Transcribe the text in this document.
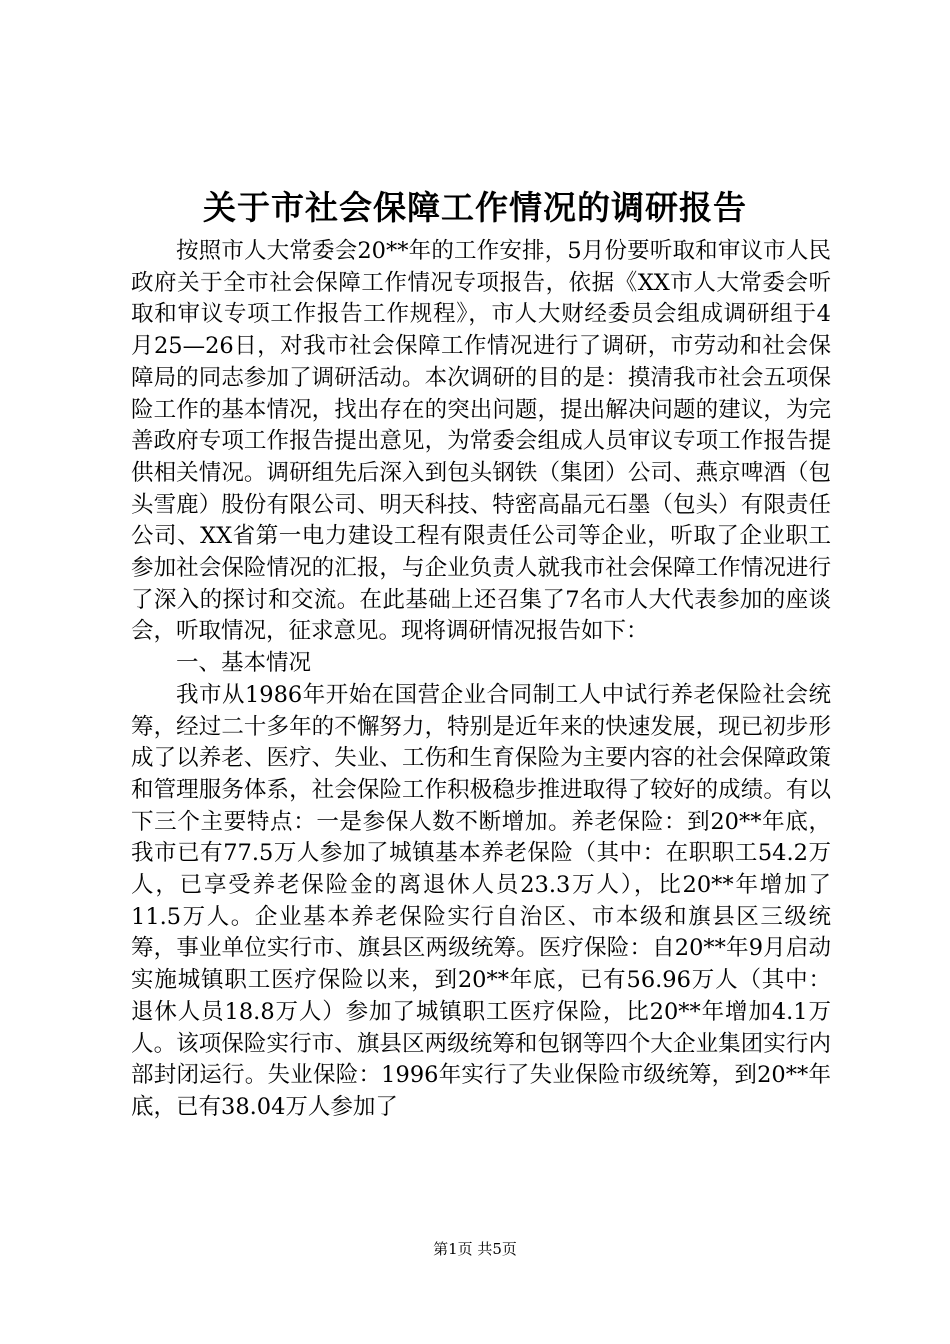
关于市社会保障工作情况的调研报告

按照市人大常委会20**年的工作安排，5月份要听取和审议市人民政府关于全市社会保障工作情况专项报告，依据《XX市人大常委会听取和审议专项工作报告工作规程》，市人大财经委员会组成调研组于4月25—26日，对我市社会保障工作情况进行了调研，市劳动和社会保障局的同志参加了调研活动。本次调研的目的是：摸清我市社会五项保险工作的基本情况，找出存在的突出问题，提出解决问题的建议，为完善政府专项工作报告提出意见，为常委会组成人员审议专项工作报告提供相关情况。调研组先后深入到包头钢铁（集团）公司、燕京啤酒（包头雪鹿）股份有限公司、明天科技、特密高晶元石墨（包头）有限责任公司、XX省第一电力建设工程有限责任公司等企业，听取了企业职工参加社会保险情况的汇报，与企业负责人就我市社会保障工作情况进行了深入的探讨和交流。在此基础上还召集了7名市人大代表参加的座谈会，听取情况，征求意见。现将调研情况报告如下：

一、基本情况

我市从1986年开始在国营企业合同制工人中试行养老保险社会统筹，经过二十多年的不懈努力，特别是近年来的快速发展，现已初步形成了以养老、医疗、失业、工伤和生育保险为主要内容的社会保障政策和管理服务体系，社会保险工作积极稳步推进取得了较好的成绩。有以下三个主要特点：一是参保人数不断增加。养老保险：到20**年底，我市已有77.5万人参加了城镇基本养老保险（其中：在职职工54.2万人，已享受养老保险金的离退休人员23.3万人），比20**年增加了11.5万人。企业基本养老保险实行自治区、市本级和旗县区三级统筹，事业单位实行市、旗县区两级统筹。医疗保险：自20**年9月启动实施城镇职工医疗保险以来，到20**年底，已有56.96万人（其中：退休人员18.8万人）参加了城镇职工医疗保险，比20**年增加4.1万人。该项保险实行市、旗县区两级统筹和包钢等四个大企业集团实行内部封闭运行。失业保险：1996年实行了失业保险市级统筹，到20**年底，已有38.04万人参加了

第1页 共5页
